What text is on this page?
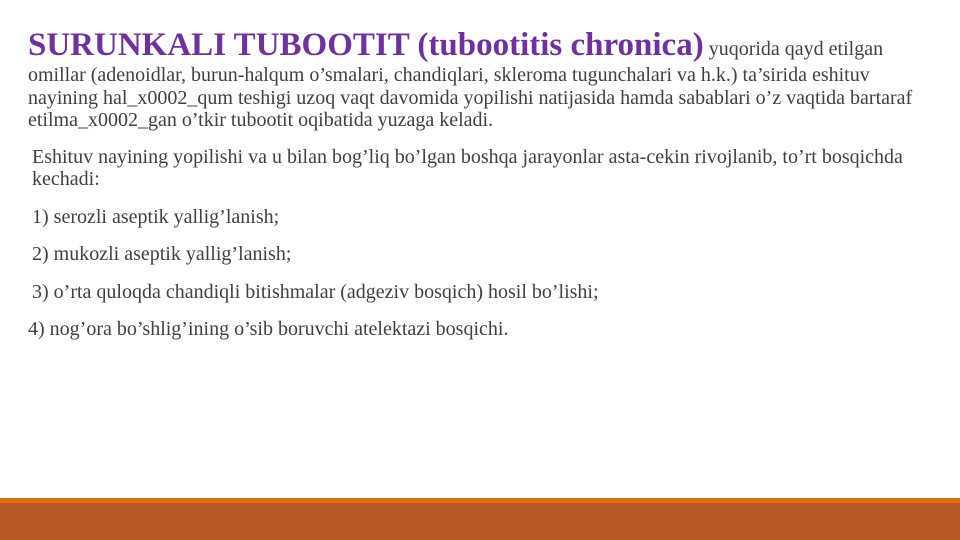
SURUNKALI TUBOOTIT (tubootitis chronica) yuqorida qayd etilgan omillar (adenoidlar, burun-halqum o’smalari, chandiqlari, skleroma tugunchalari va h.k.) ta’sirida eshituv nayining hal_x0002_qum teshigi uzoq vaqt davomida yopilishi natijasida hamda sabablari o’z vaqtida bartaraf etilma_x0002_gan o’tkir tubootit oqibatida yuzaga keladi.

Eshituv nayining yopilishi va u bilan bog’liq bo’lgan boshqa jarayonlar asta-cekin rivojlanib, to’rt bosqichda kechadi:

1) serozli aseptik yallig’lanish;

2) mukozli aseptik yallig’lanish;

3) o’rta quloqda chandiqli bitishmalar (adgeziv bosqich) hosil bo’lishi;

4) nog’ora bo’shlig’ining o’sib boruvchi atelektazi bosqichi.
